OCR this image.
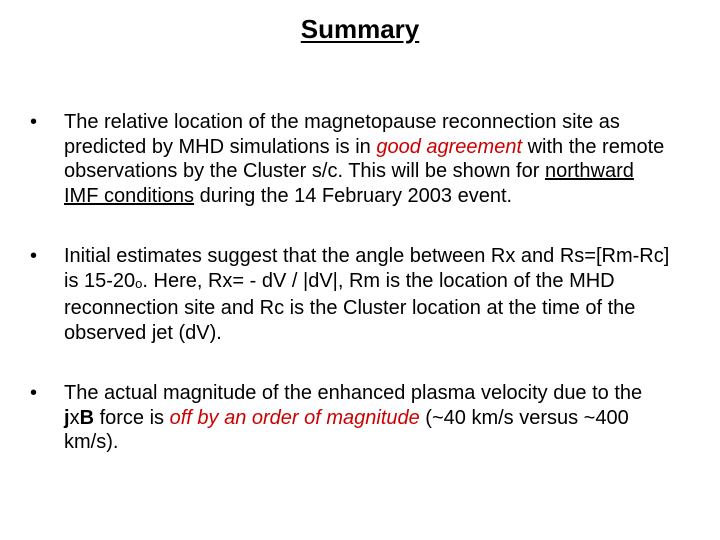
Summary
• The relative location of the magnetopause reconnection site as predicted by MHD simulations is in good agreement with the remote observations by the Cluster s/c. This will be shown for northward IMF conditions during the 14 February 2003 event.
• Initial estimates suggest that the angle between Rx and Rs=[Rm-Rc] is 15-20o. Here, Rx= - dV / |dV|, Rm is the location of the MHD reconnection site and Rc is the Cluster location at the time of the observed jet (dV).
• The actual magnitude of the enhanced plasma velocity due to the jxB force is off by an order of magnitude (~40 km/s versus ~400 km/s).
